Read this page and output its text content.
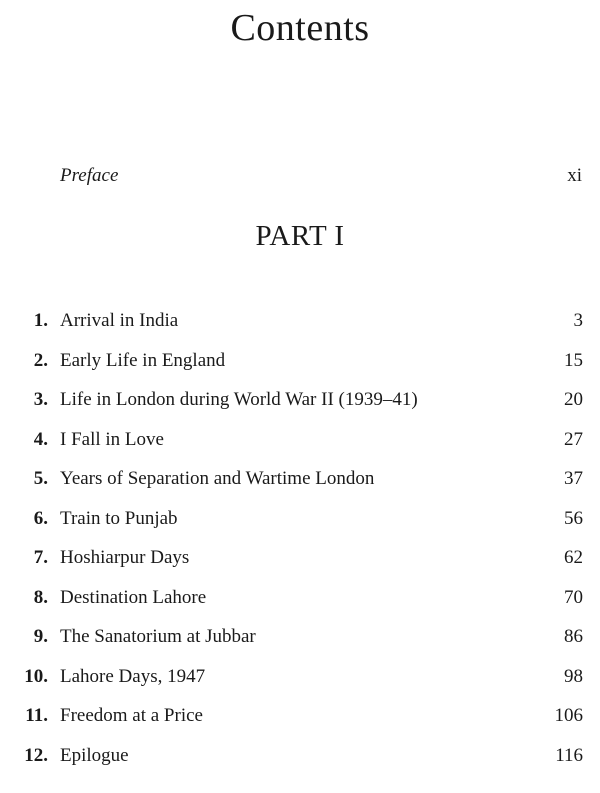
Contents
Preface	xi
PART I
1. Arrival in India	3
2. Early Life in England	15
3. Life in London during World War II (1939–41)	20
4. I Fall in Love	27
5. Years of Separation and Wartime London	37
6. Train to Punjab	56
7. Hoshiarpur Days	62
8. Destination Lahore	70
9. The Sanatorium at Jubbar	86
10. Lahore Days, 1947	98
11. Freedom at a Price	106
12. Epilogue	116
